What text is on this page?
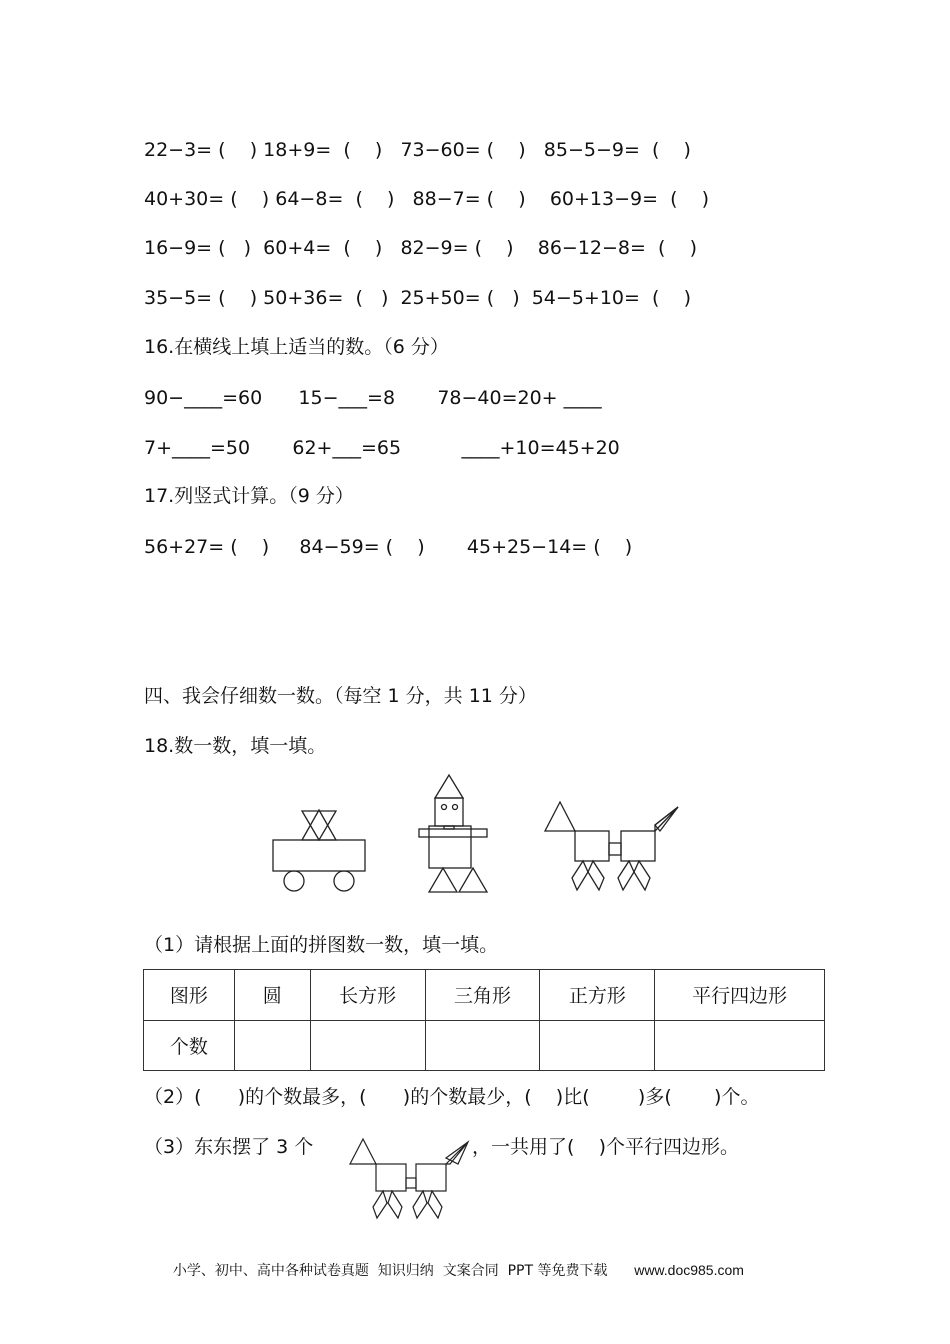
22−3= (    ) 18+9=  (    )   73−60= (    )   85−5−9=  (    )
40+30= (    ) 64−8=  (    )   88−7= (    )    60+13−9=  (    )
16−9= (   )  60+4=  (    )   82−9= (    )    86−12−8=  (    )
35−5= (    ) 50+36=  (   )  25+50= (   )  54−5+10=  (    )
16.在横线上填上适当的数。（6 分）
90−____=60      15−___=8       78−40=20+ ____
7+____=50       62+___=65          ____+10=45+20
17.列竖式计算。（9 分）
56+27= (    )     84−59= (    )       45+25−14= (    )
四、我会仔细数一数。（每空 1 分，共 11 分）
18.数一数，填一填。
（1）请根据上面的拼图数一数，填一填。
图形	圆	长方形	三角形	正方形	平行四边形
个数					
（2）(      )的个数最多，(      )的个数最少，(    )比(        )多(       )个。
（3）东东摆了 3 个	，一共用了(    )个平行四边形。

小学、初中、高中各种试卷真题  知识归纳  文案合同  PPT 等免费下载 www.doc985.com
